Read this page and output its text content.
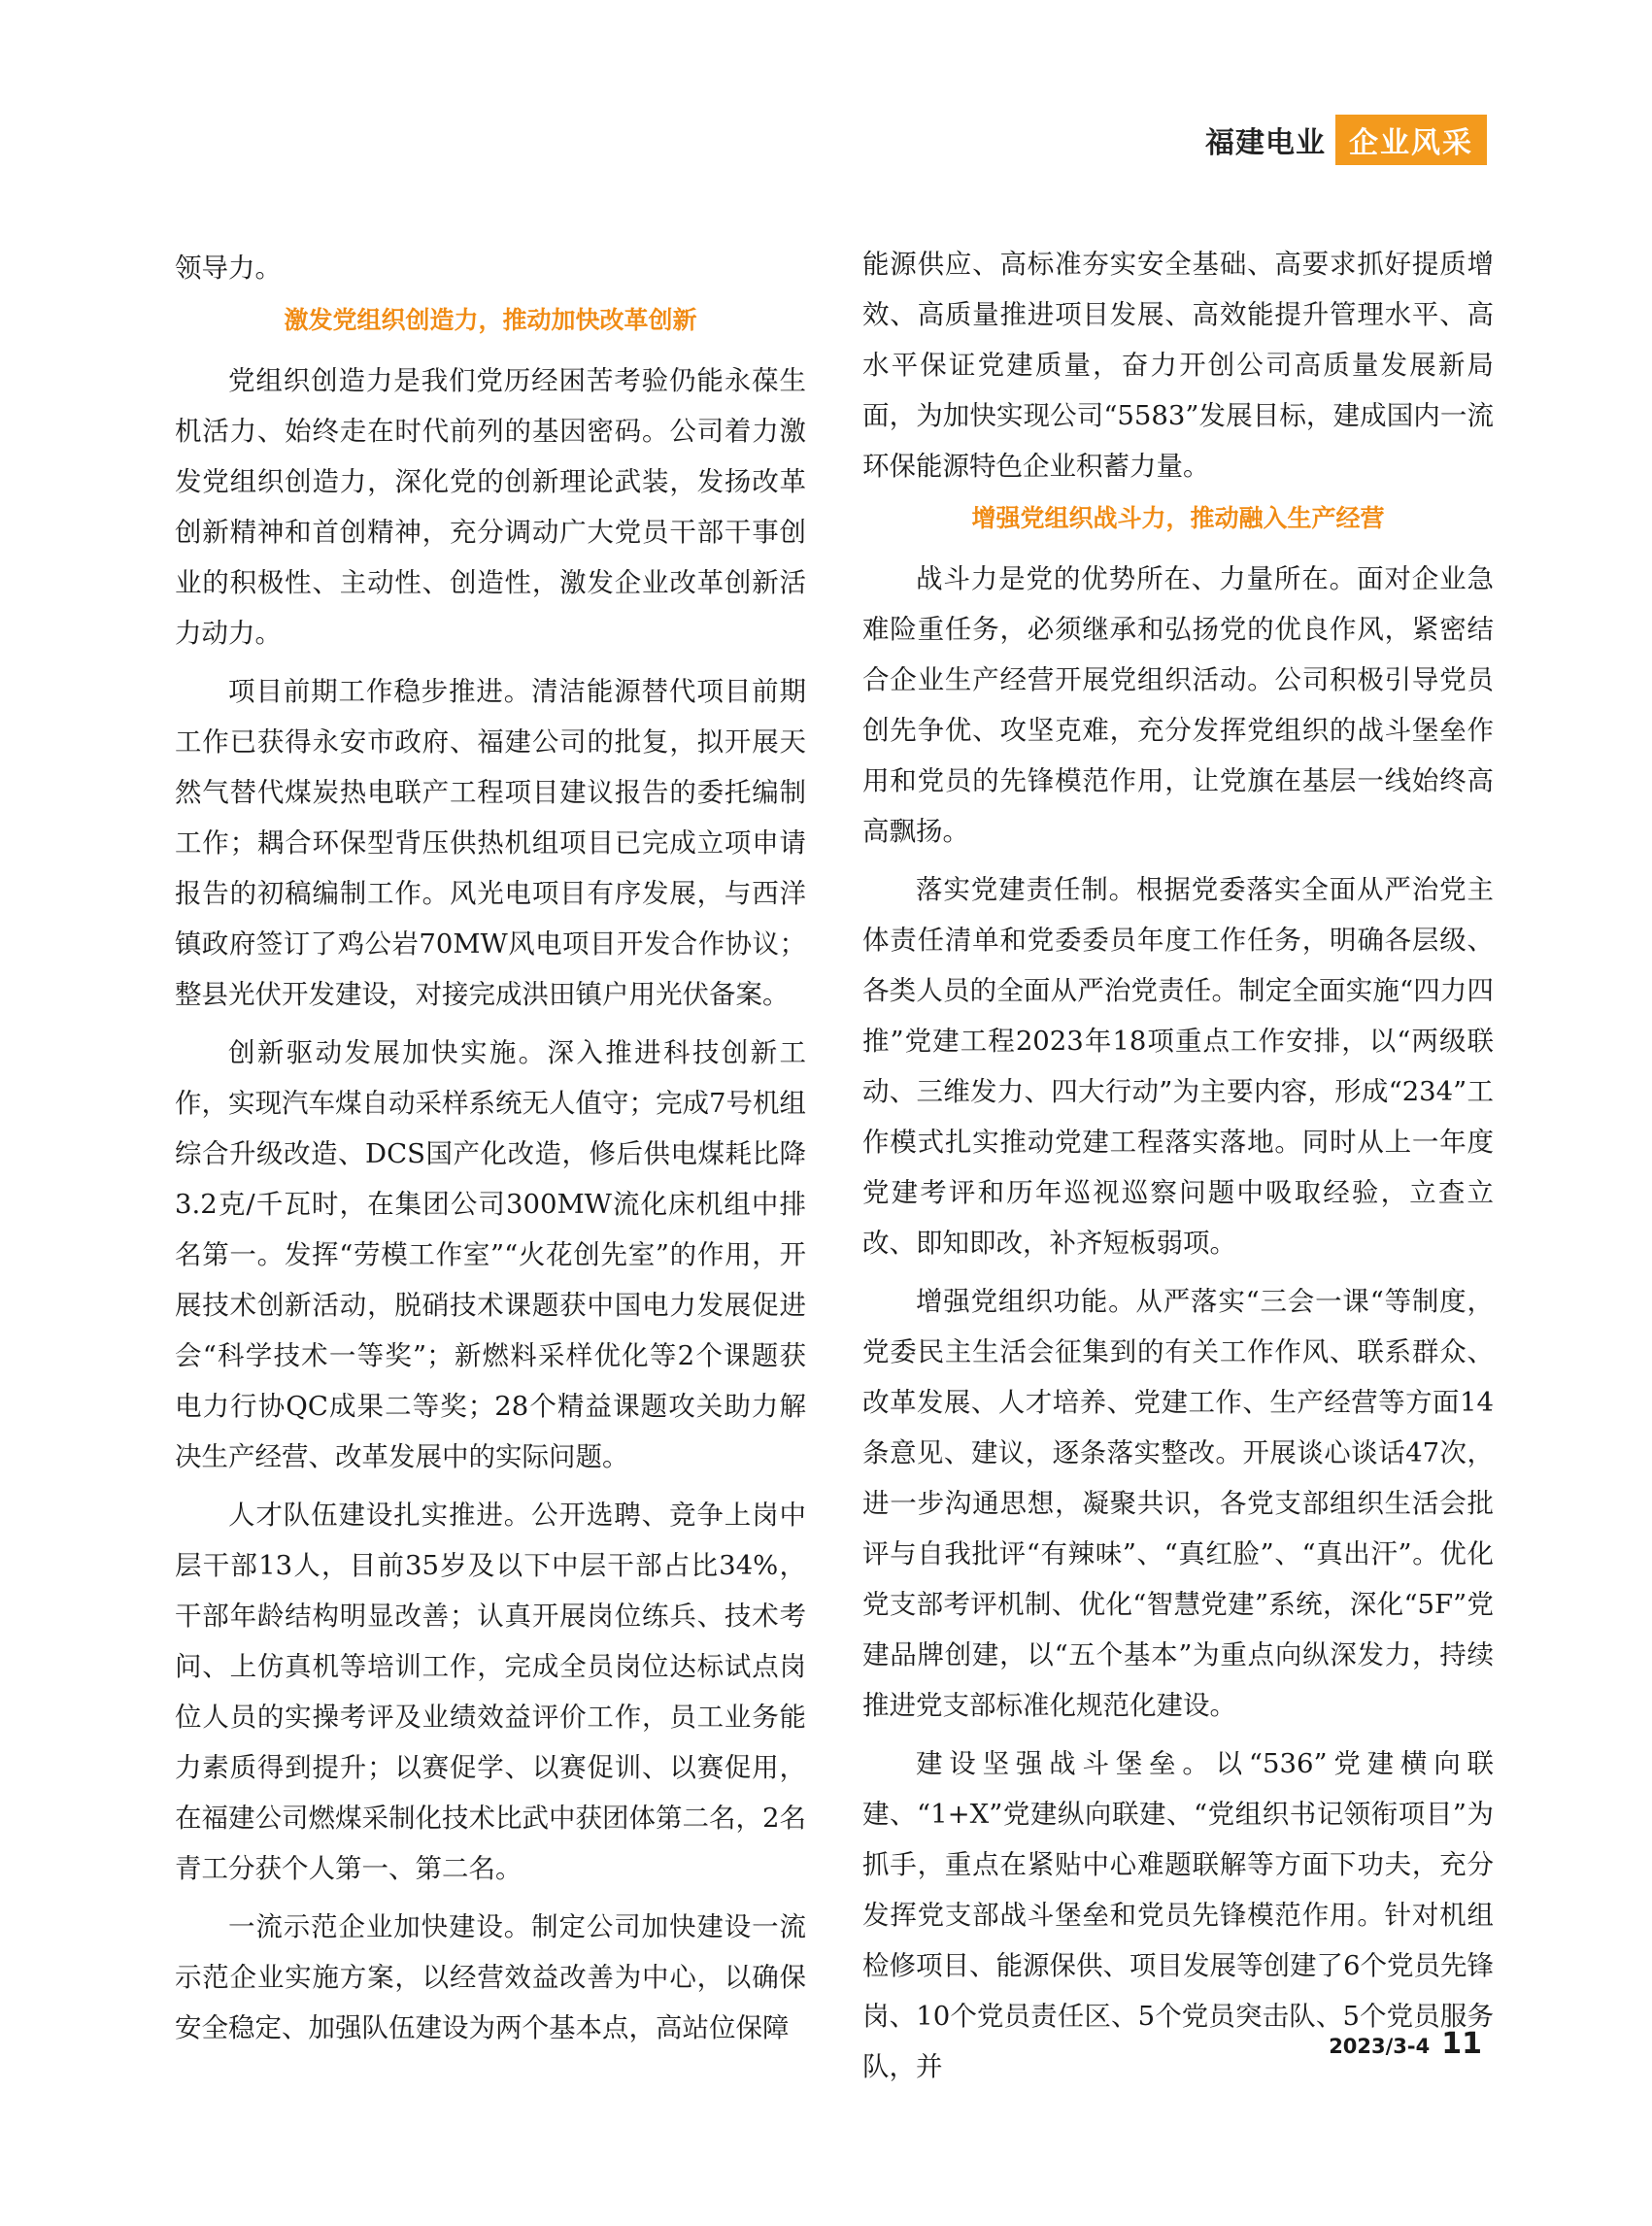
福建电业 企业风采

领导力。

激发党组织创造力，推动加快改革创新

党组织创造力是我们党历经困苦考验仍能永葆生机活力、始终走在时代前列的基因密码。公司着力激发党组织创造力，深化党的创新理论武装，发扬改革创新精神和首创精神，充分调动广大党员干部干事创业的积极性、主动性、创造性，激发企业改革创新活力动力。

项目前期工作稳步推进。清洁能源替代项目前期工作已获得永安市政府、福建公司的批复，拟开展天然气替代煤炭热电联产工程项目建议报告的委托编制工作；耦合环保型背压供热机组项目已完成立项申请报告的初稿编制工作。风光电项目有序发展，与西洋镇政府签订了鸡公岩70MW风电项目开发合作协议；整县光伏开发建设，对接完成洪田镇户用光伏备案。

创新驱动发展加快实施。深入推进科技创新工作，实现汽车煤自动采样系统无人值守；完成7号机组综合升级改造、DCS国产化改造，修后供电煤耗比降3.2克/千瓦时，在集团公司300MW流化床机组中排名第一。发挥“劳模工作室”“火花创先室”的作用，开展技术创新活动，脱硝技术课题获中国电力发展促进会“科学技术一等奖”；新燃料采样优化等2个课题获电力行协QC成果二等奖；28个精益课题攻关助力解决生产经营、改革发展中的实际问题。

人才队伍建设扎实推进。公开选聘、竞争上岗中层干部13人，目前35岁及以下中层干部占比34%，干部年龄结构明显改善；认真开展岗位练兵、技术考问、上仿真机等培训工作，完成全员岗位达标试点岗位人员的实操考评及业绩效益评价工作，员工业务能力素质得到提升；以赛促学、以赛促训、以赛促用，在福建公司燃煤采制化技术比武中获团体第二名，2名青工分获个人第一、第二名。

一流示范企业加快建设。制定公司加快建设一流示范企业实施方案，以经营效益改善为中心，以确保安全稳定、加强队伍建设为两个基本点，高站位保障

能源供应、高标准夯实安全基础、高要求抓好提质增效、高质量推进项目发展、高效能提升管理水平、高水平保证党建质量，奋力开创公司高质量发展新局面，为加快实现公司“5583”发展目标，建成国内一流环保能源特色企业积蓄力量。

增强党组织战斗力，推动融入生产经营

战斗力是党的优势所在、力量所在。面对企业急难险重任务，必须继承和弘扬党的优良作风，紧密结合企业生产经营开展党组织活动。公司积极引导党员创先争优、攻坚克难，充分发挥党组织的战斗堡垒作用和党员的先锋模范作用，让党旗在基层一线始终高高飘扬。

落实党建责任制。根据党委落实全面从严治党主体责任清单和党委委员年度工作任务，明确各层级、各类人员的全面从严治党责任。制定全面实施“四力四推”党建工程2023年18项重点工作安排，以“两级联动、三维发力、四大行动”为主要内容，形成“234”工作模式扎实推动党建工程落实落地。同时从上一年度党建考评和历年巡视巡察问题中吸取经验，立查立改、即知即改，补齐短板弱项。

增强党组织功能。从严落实“三会一课“等制度，党委民主生活会征集到的有关工作作风、联系群众、改革发展、人才培养、党建工作、生产经营等方面14条意见、建议，逐条落实整改。开展谈心谈话47次，进一步沟通思想，凝聚共识，各党支部组织生活会批评与自我批评“有辣味”、“真红脸”、“真出汗”。优化党支部考评机制、优化“智慧党建”系统，深化“5F”党建品牌创建，以“五个基本”为重点向纵深发力，持续推进党支部标准化规范化建设。

建设坚强战斗堡垒。以“536”党建横向联建、“1+X”党建纵向联建、“党组织书记领衔项目”为抓手，重点在紧贴中心难题联解等方面下功夫，充分发挥党支部战斗堡垒和党员先锋模范作用。针对机组检修项目、能源保供、项目发展等创建了6个党员先锋岗、10个党员责任区、5个党员突击队、5个党员服务队，并

2023/3-4 11
